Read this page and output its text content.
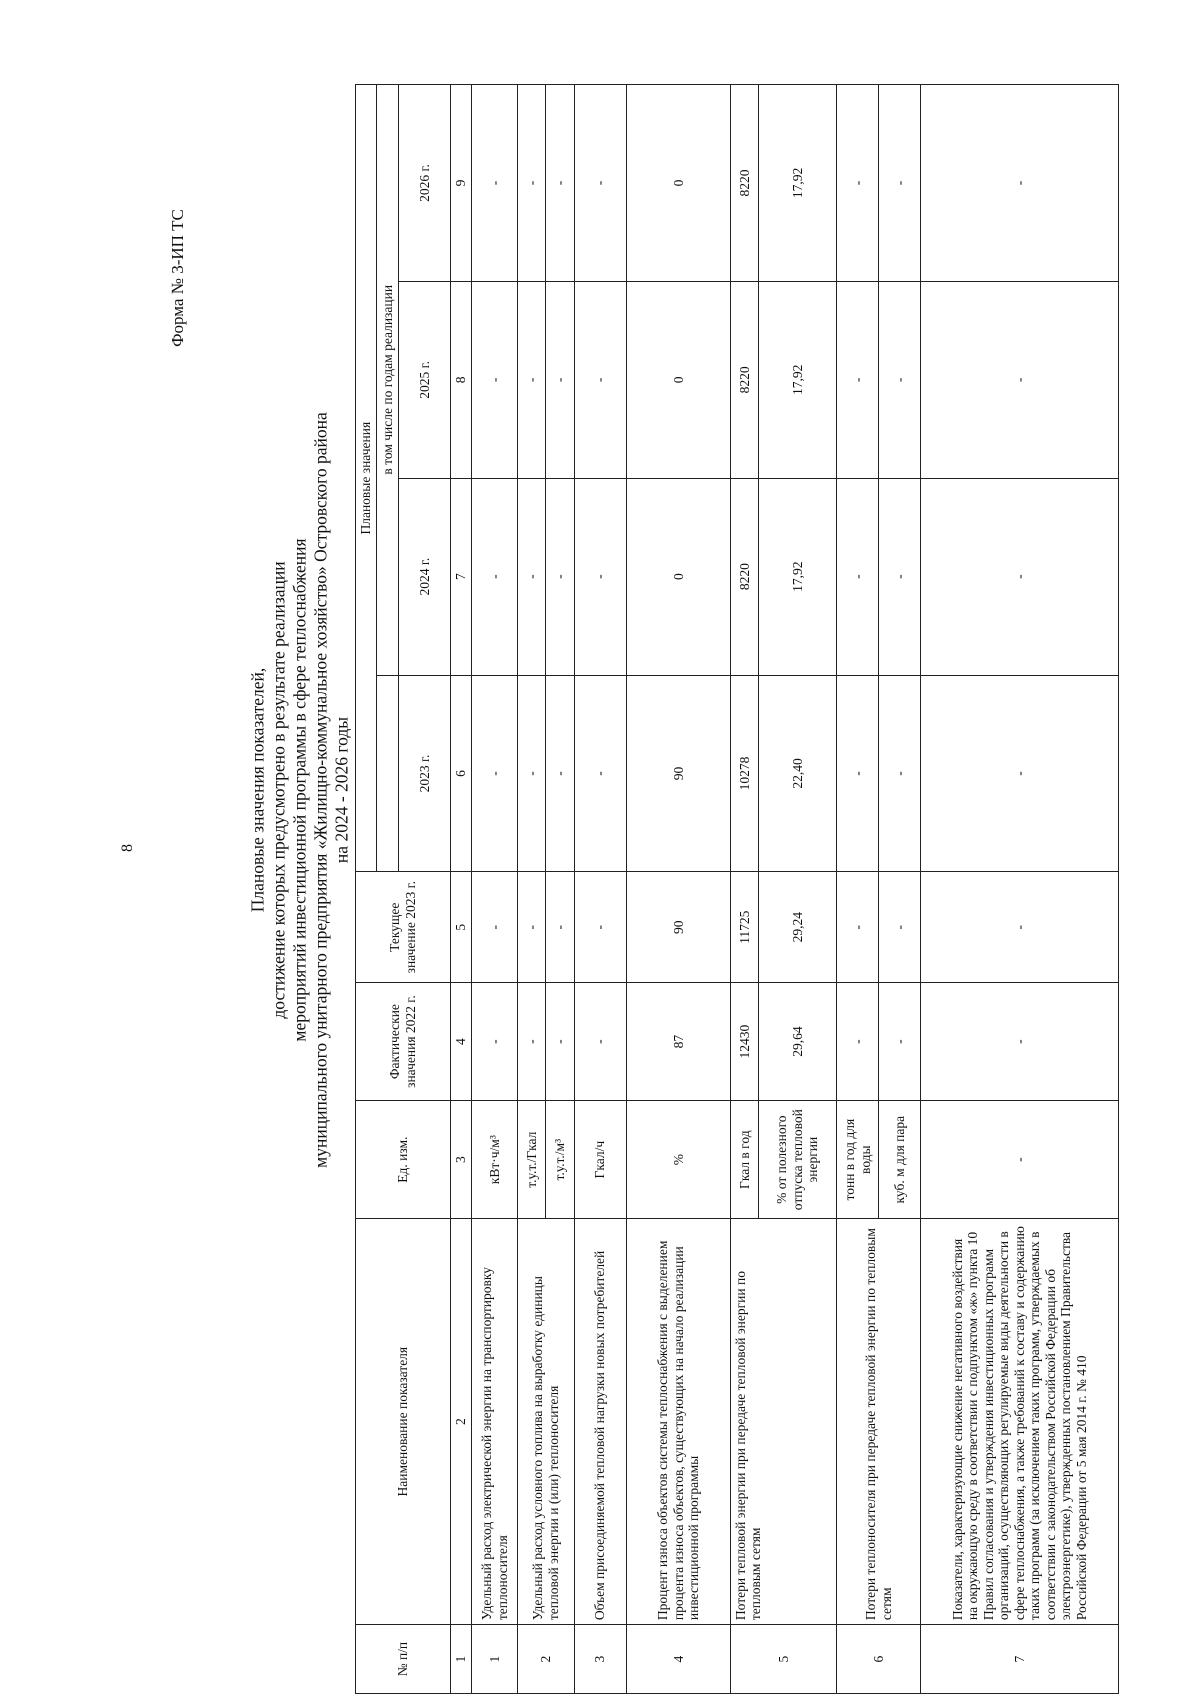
8
Форма № 3-ИП ТС
Плановые значения показателей, достижение которых предусмотрено в результате реализации мероприятий инвестиционной программы в сфере теплоснабжения муниципального унитарного предприятия «Жилищно-коммунальное хозяйство» Островского района на 2024 - 2026 годы
№ п/п	Наименование показателя	Ед. изм.	Фактические значения 2022 г.	Текущее значение 2023 г.	Плановые значения			
						в том числе по годам реализации		
					2023 г.	2024 г.	2025 г.	2026 г.
1	2	3	4	5	6	7	8	9
1	Удельный расход электрической энергии на транспортировку теплоносителя	кВт·ч/м³	-	-	-	-	-	-
2	Удельный расход условного топлива на выработку единицы тепловой энергии и (или) теплоносителя	т.у.т./Гкал	-	-	-	-	-	-
		т.у.т./м³	-	-	-	-	-	-
3	Объем присоединяемой тепловой нагрузки новых потребителей	Гкал/ч	-	-	-	-	-	-
4	Процент износа объектов системы теплоснабжения с выделением процента износа объектов, существующих на начало реализации инвестиционной программы	%	87	90	90	0	0	0
5	Потери тепловой энергии при передаче тепловой энергии по тепловым сетям	Гкал в год	12430	11725	10278	8220	8220	8220
		% от полезного отпуска тепловой энергии	29,64	29,24	22,40	17,92	17,92	17,92
6	Потери теплоносителя при передаче тепловой энергии по тепловым сетям	тонн в год для воды	-	-	-	-	-	-
		куб. м для пара	-	-	-	-	-	-
7	Показатели, характеризующие снижение негативного воздействия на окружающую среду в соответствии с подпунктом «ж» пункта 10 Правил согласования и утверждения инвестиционных программ организаций, осуществляющих регулируемые виды деятельности в сфере теплоснабжения, а также требований к составу и содержанию таких программ (за исключением таких программ, утверждаемых в соответствии с законодательством Российской Федерации об электроэнергетике), утвержденных постановлением Правительства Российской Федерации от 5 мая 2014 г. № 410	-	-	-	-	-	-	-
